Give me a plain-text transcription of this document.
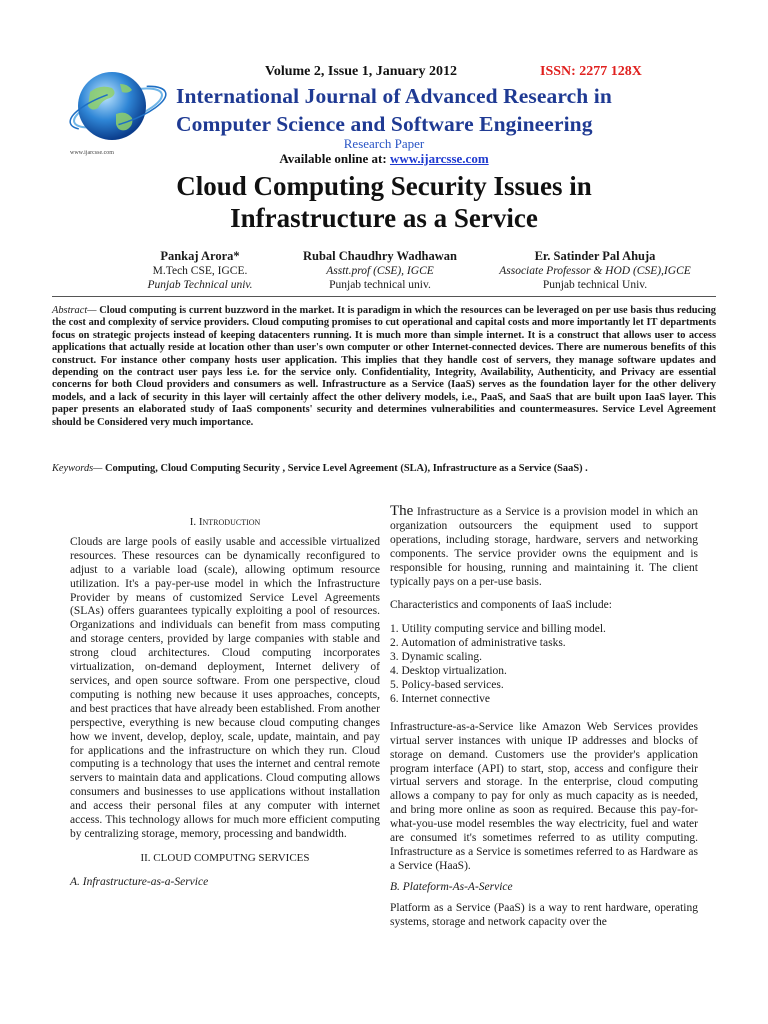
www.ijarcsse.com
Volume 2, Issue 1, January 2012	ISSN: 2277 128X
International Journal of Advanced Research in
Computer Science and Software Engineering
Research Paper
Available online at: www.ijarcsse.com
Cloud Computing Security Issues in
Infrastructure as a Service
Pankaj Arora*
M.Tech CSE, IGCE.
Punjab Technical univ.
Rubal Chaudhry Wadhawan
Asstt.prof (CSE), IGCE
Punjab technical univ.
Er. Satinder Pal Ahuja
Associate Professor & HOD (CSE),IGCE
Punjab technical Univ.
Abstract— Cloud computing is current buzzword in the market. It is paradigm in which the resources can be leveraged on per use basis thus reducing the cost and complexity of service providers. Cloud computing promises to cut operational and capital costs and more importantly let IT departments focus on strategic projects instead of keeping datacenters running. It is much more than simple internet. It is a construct that allows user to access applications that actually reside at location other than user's own computer or other Internet-connected devices. There are numerous benefits of this construct. For instance other company hosts user application. This implies that they handle cost of servers, they manage software updates and depending on the contract user pays less i.e. for the service only. Confidentiality, Integrity, Availability, Authenticity, and Privacy are essential concerns for both Cloud providers and consumers as well. Infrastructure as a Service (IaaS) serves as the foundation layer for the other delivery models, and a lack of security in this layer will certainly affect the other delivery models, i.e., PaaS, and SaaS that are built upon IaaS layer. This paper presents an elaborated study of IaaS components' security and determines vulnerabilities and countermeasures. Service Level Agreement should be Considered very much importance.
Keywords— Computing, Cloud Computing Security , Service Level Agreement (SLA), Infrastructure as a Service (SaaS) .

I. Introduction

Clouds are large pools of easily usable and accessible virtualized resources. These resources can be dynamically reconfigured to adjust to a variable load (scale), allowing optimum resource utilization. It's a pay-per-use model in which the Infrastructure Provider by means of customized Service Level Agreements (SLAs) offers guarantees typically exploiting a pool of resources. Organizations and individuals can benefit from mass computing and storage centers, provided by large companies with stable and strong cloud architectures. Cloud computing incorporates virtualization, on-demand deployment, Internet delivery of services, and open source software. From one perspective, cloud computing is nothing new because it uses approaches, concepts, and best practices that have already been established. From another perspective, everything is new because cloud computing changes how we invent, develop, deploy, scale, update, maintain, and pay for applications and the infrastructure on which they run. Cloud computing is a technology that uses the internet and central remote servers to maintain data and applications. Cloud computing allows consumers and businesses to use applications without installation and access their personal files at any computer with internet access. This technology allows for much more efficient computing by centralizing storage, memory, processing and bandwidth.

II. CLOUD COMPUTNG SERVICES

A. Infrastructure-as-a-Service

The Infrastructure as a Service is a provision model in which an organization outsourcers the equipment used to support operations, including storage, hardware, servers and networking components. The service provider owns the equipment and is responsible for housing, running and maintaining it. The client typically pays on a per-use basis.

Characteristics and components of IaaS include:

1. Utility computing service and billing model.
2. Automation of administrative tasks.
3. Dynamic scaling.
4. Desktop virtualization.
5. Policy-based services.
6. Internet connective

Infrastructure-as-a-Service like Amazon Web Services provides virtual server instances with unique IP addresses and blocks of storage on demand. Customers use the provider's application program interface (API) to start, stop, access and configure their virtual servers and storage. In the enterprise, cloud computing allows a company to pay for only as much capacity as is needed, and bring more online as soon as required. Because this pay-for-what-you-use model resembles the way electricity, fuel and water are consumed it's sometimes referred to as utility computing. Infrastructure as a Service is sometimes referred to as Hardware as a Service (HaaS).

B. Plateform-As-A-Service

Platform as a Service (PaaS) is a way to rent hardware, operating systems, storage and network capacity over the
